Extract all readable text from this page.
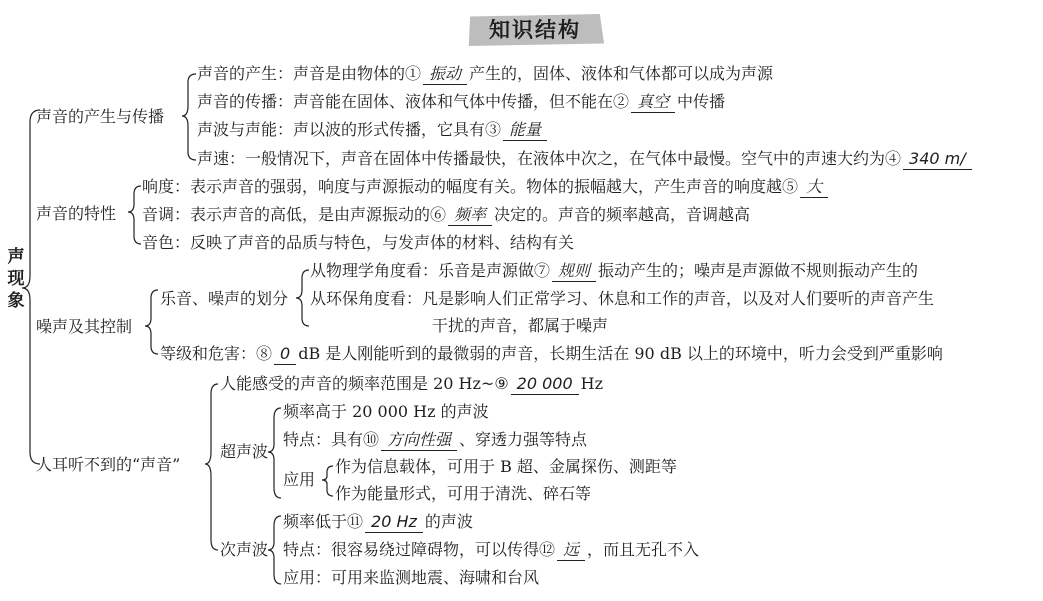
知识结构
声
现
象
声音的产生与传播
声音的产生：声音是由物体的① 振动 产生的，固体、液体和气体都可以成为声源
声音的传播：声音能在固体、液体和气体中传播，但不能在② 真空 中传播
声波与声能：声以波的形式传播，它具有③ 能量
声速：一般情况下，声音在固体中传播最快，在液体中次之，在气体中最慢。空气中的声速大约为④ 340 m/
声音的特性
响度：表示声音的强弱，响度与声源振动的幅度有关。物体的振幅越大，产生声音的响度越⑤ 大
音调：表示声音的高低，是由声源振动的⑥ 频率 决定的。声音的频率越高，音调越高
音色：反映了声音的品质与特色，与发声体的材料、结构有关
噪声及其控制
乐音、噪声的划分
从物理学角度看：乐音是声源做⑦ 规则 振动产生的；噪声是声源做不规则振动产生的
从环保角度看：凡是影响人们正常学习、休息和工作的声音，以及对人们要听的声音产生
干扰的声音，都属于噪声
等级和危害：⑧ 0 dB 是人刚能听到的最微弱的声音，长期生活在 90 dB 以上的环境中，听力会受到严重影响
人耳听不到的“声音”
人能感受的声音的频率范围是 20 Hz~⑨ 20 000 Hz
超声波
频率高于 20 000 Hz 的声波
特点：具有⑩ 方向性强 、穿透力强等特点
应用
作为信息载体，可用于 B 超、金属探伤、测距等
作为能量形式，可用于清洗、碎石等
次声波
频率低于⑪ 20 Hz 的声波
特点：很容易绕过障碍物，可以传得⑫ 远 ，而且无孔不入
应用：可用来监测地震、海啸和台风
